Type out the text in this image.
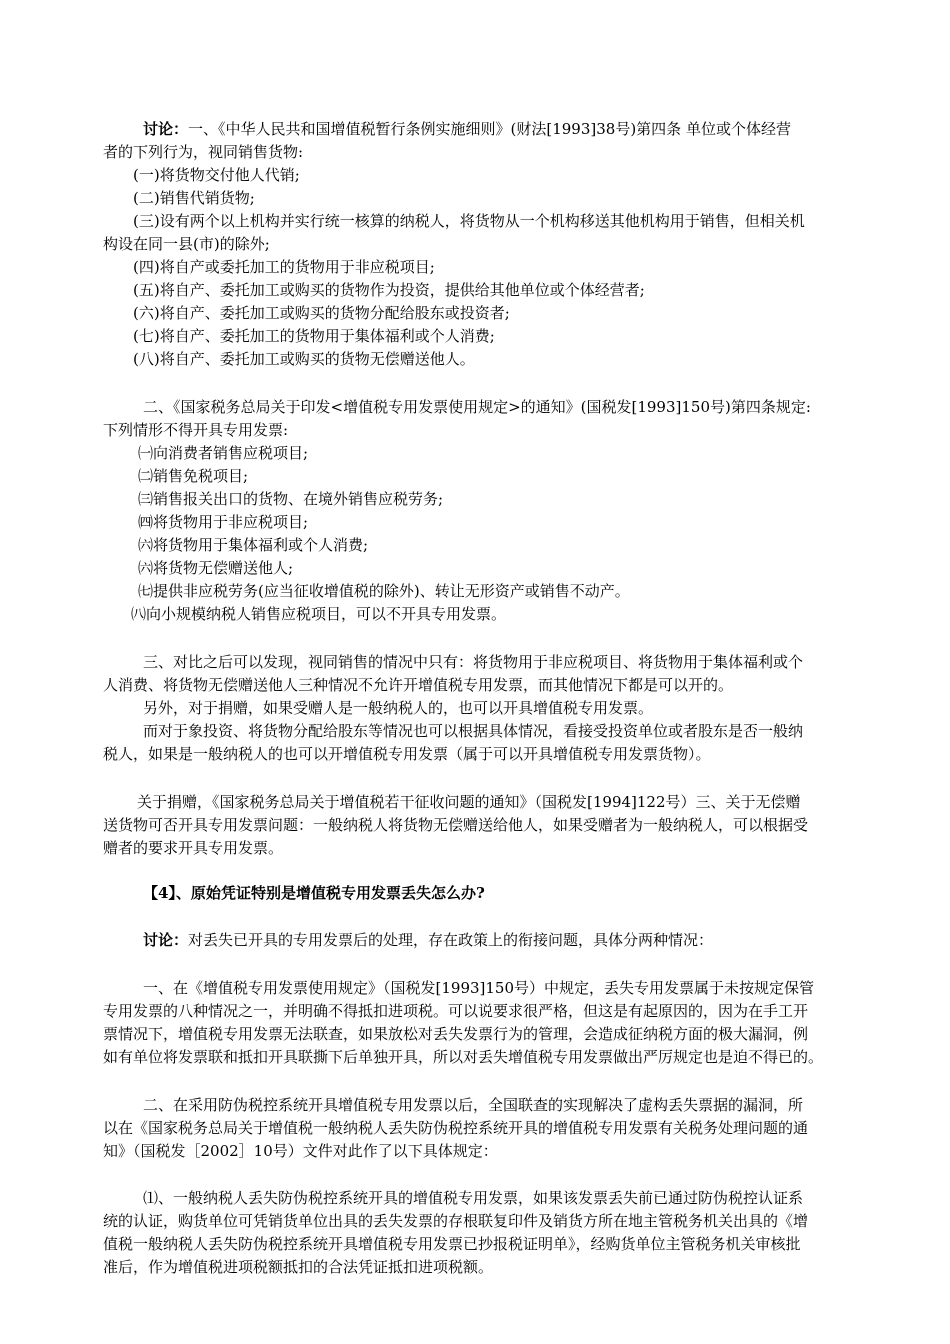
讨论：一、《中华人民共和国增值税暂行条例实施细则》(财法[1993]38号)第四条 单位或个体经营
者的下列行为，视同销售货物:
(一)将货物交付他人代销;
(二)销售代销货物;
(三)设有两个以上机构并实行统一核算的纳税人，将货物从一个机构移送其他机构用于销售，但相关机
构设在同一县(市)的除外;
(四)将自产或委托加工的货物用于非应税项目;
(五)将自产、委托加工或购买的货物作为投资，提供给其他单位或个体经营者;
(六)将自产、委托加工或购买的货物分配给股东或投资者;
(七)将自产、委托加工的货物用于集体福利或个人消费;
(八)将自产、委托加工或购买的货物无偿赠送他人。
二、《国家税务总局关于印发<增值税专用发票使用规定>的通知》(国税发[1993]150号)第四条规定:
下列情形不得开具专用发票:
㈠向消费者销售应税项目;
㈡销售免税项目;
㈢销售报关出口的货物、在境外销售应税劳务;
㈣将货物用于非应税项目;
㈥将货物用于集体福利或个人消费;
㈥将货物无偿赠送他人;
㈦提供非应税劳务(应当征收增值税的除外)、转让无形资产或销售不动产。
㈧向小规模纳税人销售应税项目，可以不开具专用发票。
三、对比之后可以发现，视同销售的情况中只有：将货物用于非应税项目、将货物用于集体福利或个
人消费、将货物无偿赠送他人三种情况不允许开增值税专用发票，而其他情况下都是可以开的。
另外，对于捐赠，如果受赠人是一般纳税人的，也可以开具增值税专用发票。
而对于象投资、将货物分配给股东等情况也可以根据具体情况，看接受投资单位或者股东是否一般纳
税人，如果是一般纳税人的也可以开增值税专用发票（属于可以开具增值税专用发票货物）。
关于捐赠，《国家税务总局关于增值税若干征收问题的通知》（国税发[1994]122号）三、关于无偿赠
送货物可否开具专用发票问题：一般纳税人将货物无偿赠送给他人，如果受赠者为一般纳税人，可以根据受
赠者的要求开具专用发票。
【4】、原始凭证特别是增值税专用发票丢失怎么办?
讨论：对丢失已开具的专用发票后的处理，存在政策上的衔接问题，具体分两种情况：
一、在《增值税专用发票使用规定》（国税发[1993]150号）中规定，丢失专用发票属于未按规定保管
专用发票的八种情况之一，并明确不得抵扣进项税。可以说要求很严格，但这是有起原因的，因为在手工开
票情况下，增值税专用发票无法联查，如果放松对丢失发票行为的管理，会造成征纳税方面的极大漏洞，例
如有单位将发票联和抵扣开具联撕下后单独开具，所以对丢失增值税专用发票做出严厉规定也是迫不得已的。
二、在采用防伪税控系统开具增值税专用发票以后，全国联查的实现解决了虚构丢失票据的漏洞，所
以在《国家税务总局关于增值税一般纳税人丢失防伪税控系统开具的增值税专用发票有关税务处理问题的通
知》（国税发［2002］10号）文件对此作了以下具体规定：
⑴、一般纳税人丢失防伪税控系统开具的增值税专用发票，如果该发票丢失前已通过防伪税控认证系
统的认证，购货单位可凭销货单位出具的丢失发票的存根联复印件及销货方所在地主管税务机关出具的《增
值税一般纳税人丢失防伪税控系统开具增值税专用发票已抄报税证明单》，经购货单位主管税务机关审核批
准后，作为增值税进项税额抵扣的合法凭证抵扣进项税额。
